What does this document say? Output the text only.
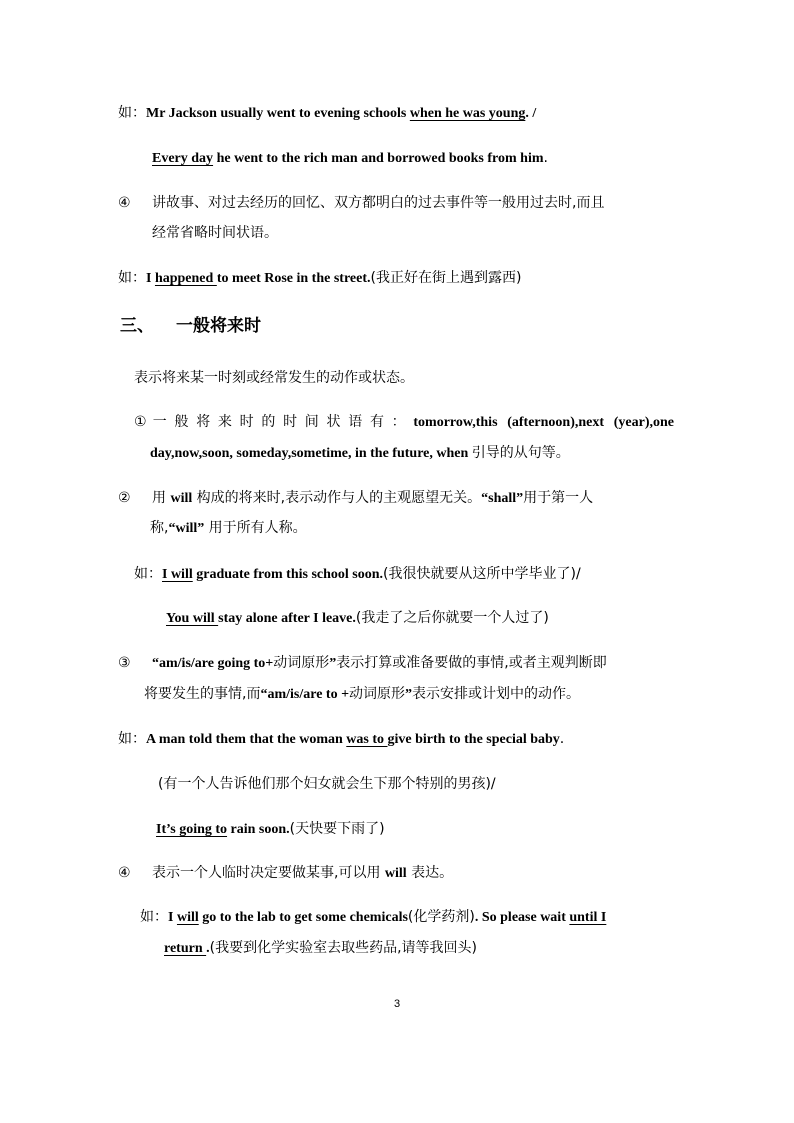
如：Mr Jackson usually went to evening schools when he was young. /
Every day he went to the rich man and borrowed books from him.
④ 讲故事、对过去经历的回忆、双方都明白的过去事件等一般用过去时,而且
经常省略时间状语。
如：I happened to meet Rose in the street.(我正好在街上遇到露西)
三、 一般将来时
表示将来某一时刻或经常发生的动作或状态。
①一般将来时的时间状语有：tomorrow,this (afternoon),next (year),one
day,now,soon, someday,sometime, in the future, when 引导的从句等。
② 用 will 构成的将来时,表示动作与人的主观愿望无关。“shall”用于第一人
称,“will” 用于所有人称。
如：I will graduate from this school soon.(我很快就要从这所中学毕业了)/
You will stay alone after I leave.(我走了之后你就要一个人过了)
③ “am/is/are going to+动词原形”表示打算或准备要做的事情,或者主观判断即
将要发生的事情,而“am/is/are to +动词原形”表示安排或计划中的动作。
如：A man told them that the woman was to give birth to the special baby.
(有一个人告诉他们那个妇女就会生下那个特别的男孩)/
It’s going to rain soon.(天快要下雨了)
④ 表示一个人临时决定要做某事,可以用 will 表达。
如：I will go to the lab to get some chemicals(化学药剂). So please wait until I
return .(我要到化学实验室去取些药品,请等我回头)
3
